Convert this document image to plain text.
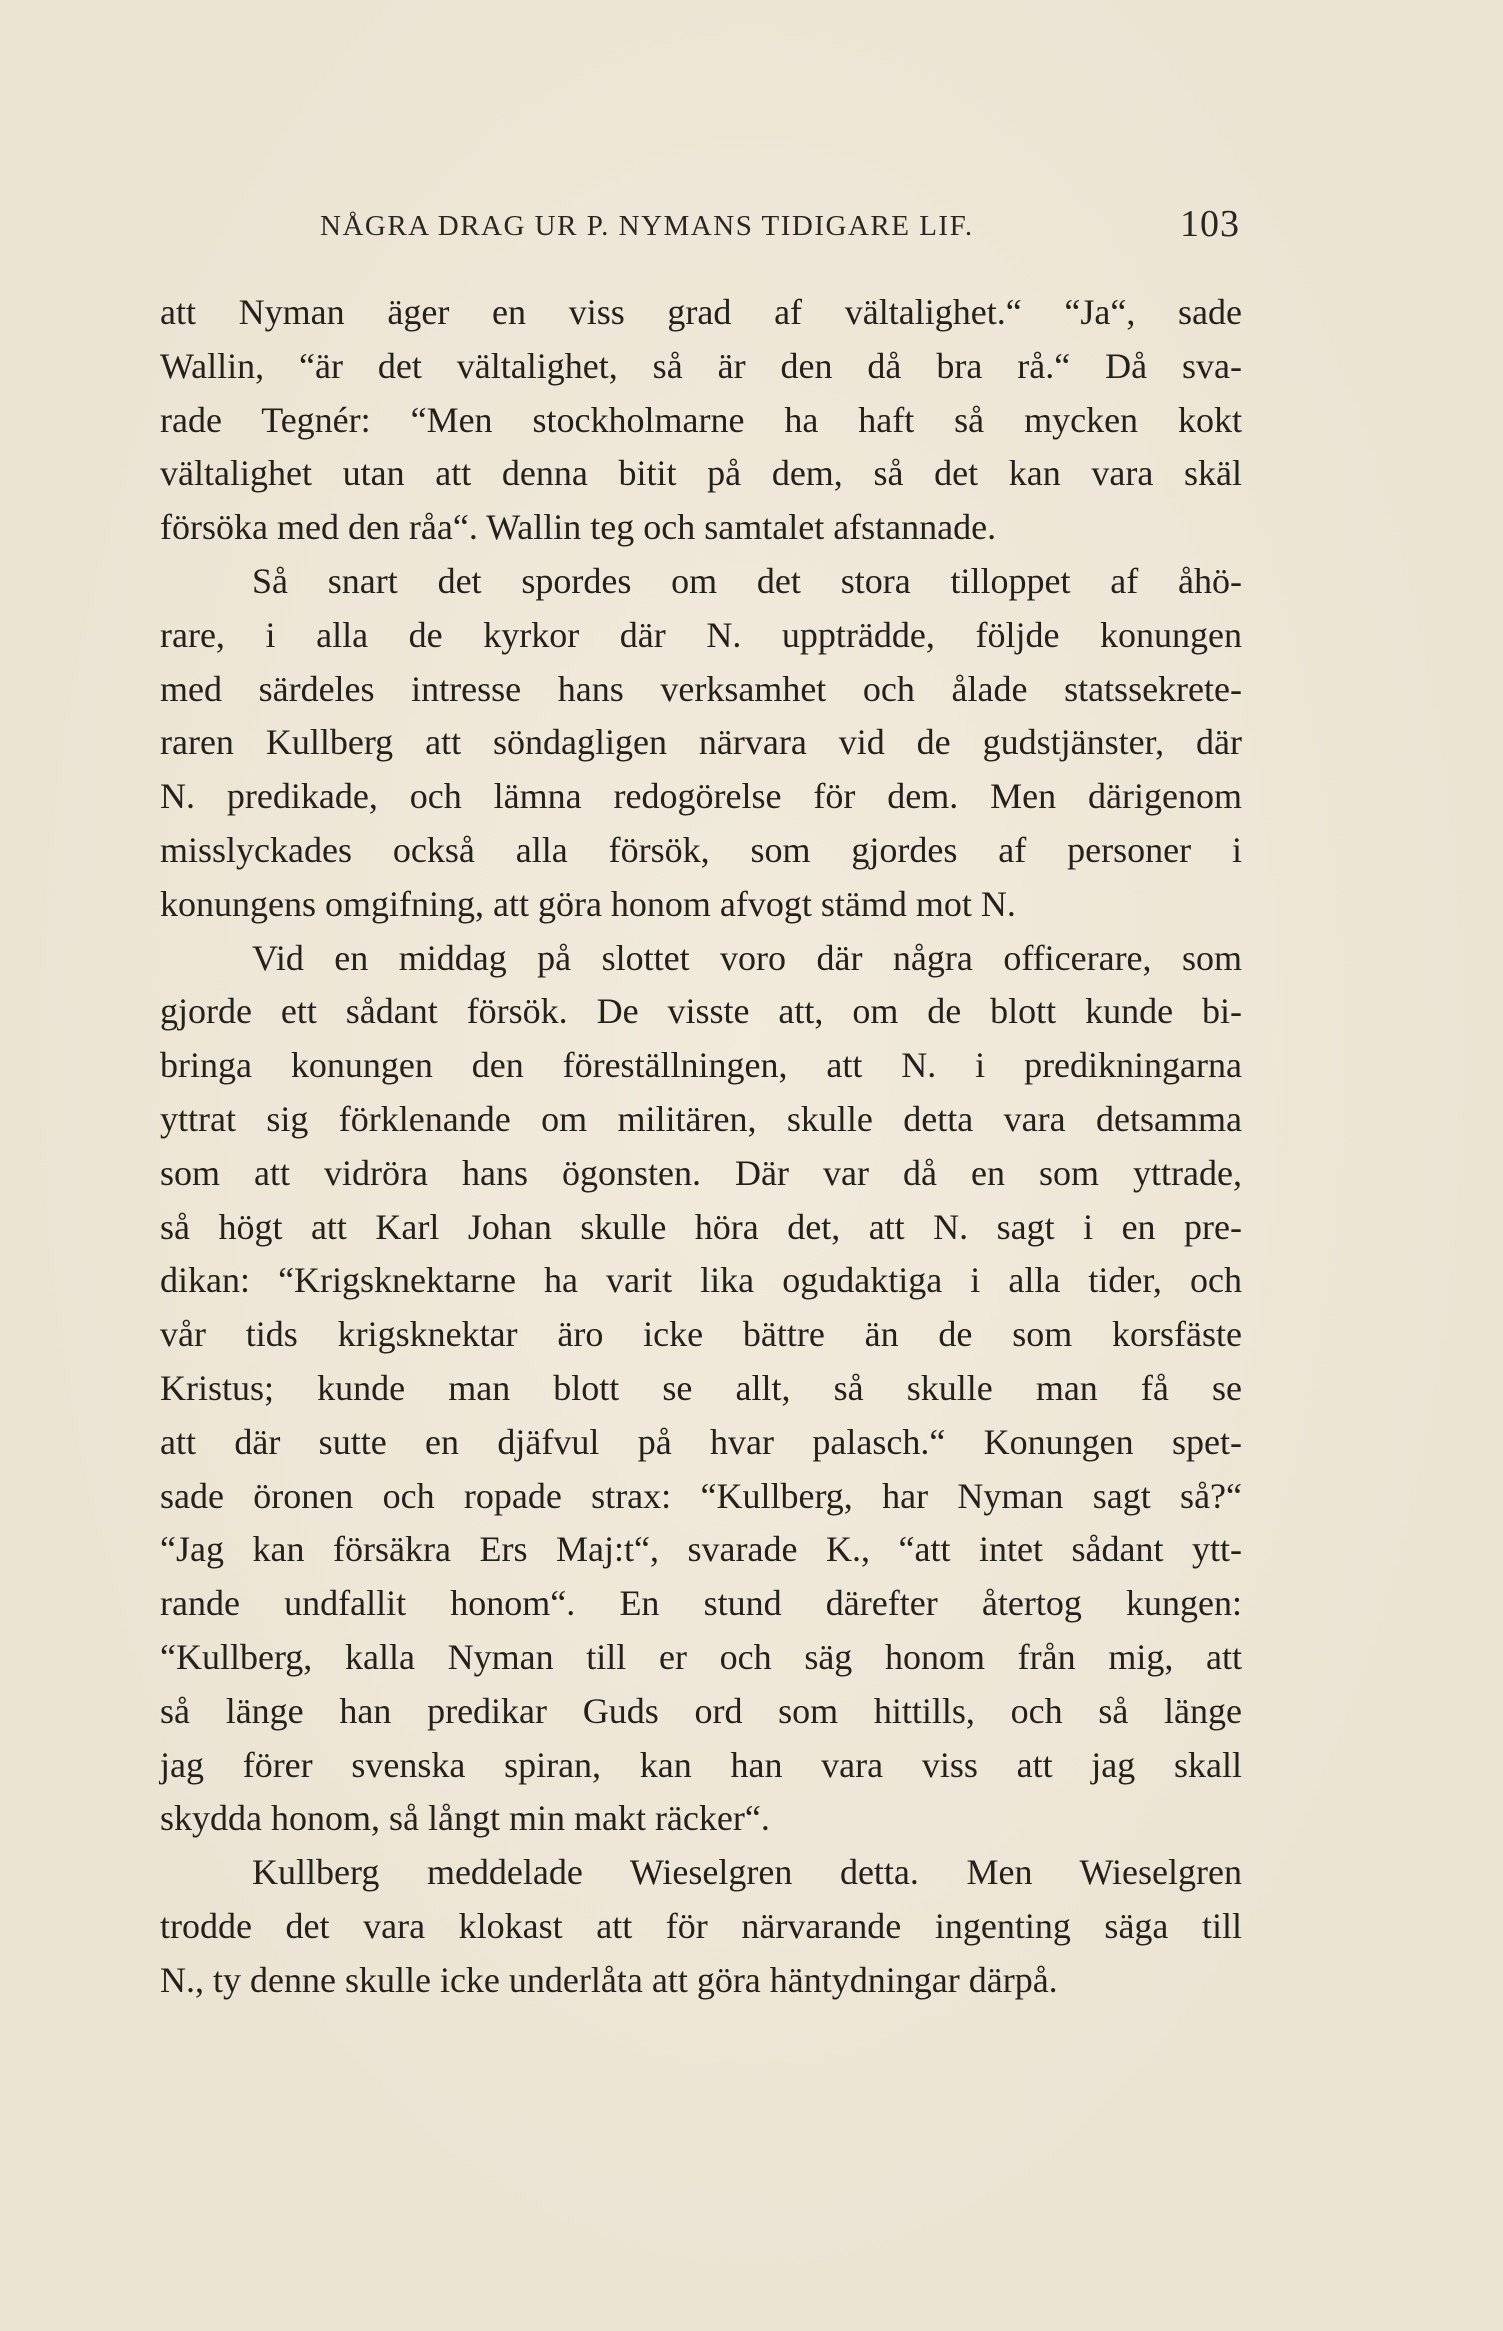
NÅGRA DRAG UR P. NYMANS TIDIGARE LIF.	103
att Nyman äger en viss grad af vältalighet.“ “Ja“, sade
Wallin, “är det vältalighet, så är den då bra rå.“ Då sva-
rade Tegnér: “Men stockholmarne ha haft så mycken kokt
vältalighet utan att denna bitit på dem, så det kan vara skäl
försöka med den råa“. Wallin teg och samtalet afstannade.
Så snart det spordes om det stora tilloppet af åhö-
rare, i alla de kyrkor där N. uppträdde, följde konungen
med särdeles intresse hans verksamhet och ålade statssekrete-
raren Kullberg att söndagligen närvara vid de gudstjänster, där
N. predikade, och lämna redogörelse för dem. Men därigenom
misslyckades också alla försök, som gjordes af personer i
konungens omgifning, att göra honom afvogt stämd mot N.
Vid en middag på slottet voro där några officerare, som
gjorde ett sådant försök. De visste att, om de blott kunde bi-
bringa konungen den föreställningen, att N. i predikningarna
yttrat sig förklenande om militären, skulle detta vara detsamma
som att vidröra hans ögonsten. Där var då en som yttrade,
så högt att Karl Johan skulle höra det, att N. sagt i en pre-
dikan: “Krigsknektarne ha varit lika ogudaktiga i alla tider, och
vår tids krigsknektar äro icke bättre än de som korsfäste
Kristus; kunde man blott se allt, så skulle man få se
att där sutte en djäfvul på hvar palasch.“ Konungen spet-
sade öronen och ropade strax: “Kullberg, har Nyman sagt så?“
“Jag kan försäkra Ers Maj:t“, svarade K., “att intet sådant ytt-
rande undfallit honom“. En stund därefter återtog kungen:
“Kullberg, kalla Nyman till er och säg honom från mig, att
så länge han predikar Guds ord som hittills, och så länge
jag förer svenska spiran, kan han vara viss att jag skall
skydda honom, så långt min makt räcker“.
Kullberg meddelade Wieselgren detta. Men Wieselgren
trodde det vara klokast att för närvarande ingenting säga till
N., ty denne skulle icke underlåta att göra häntydningar därpå.
